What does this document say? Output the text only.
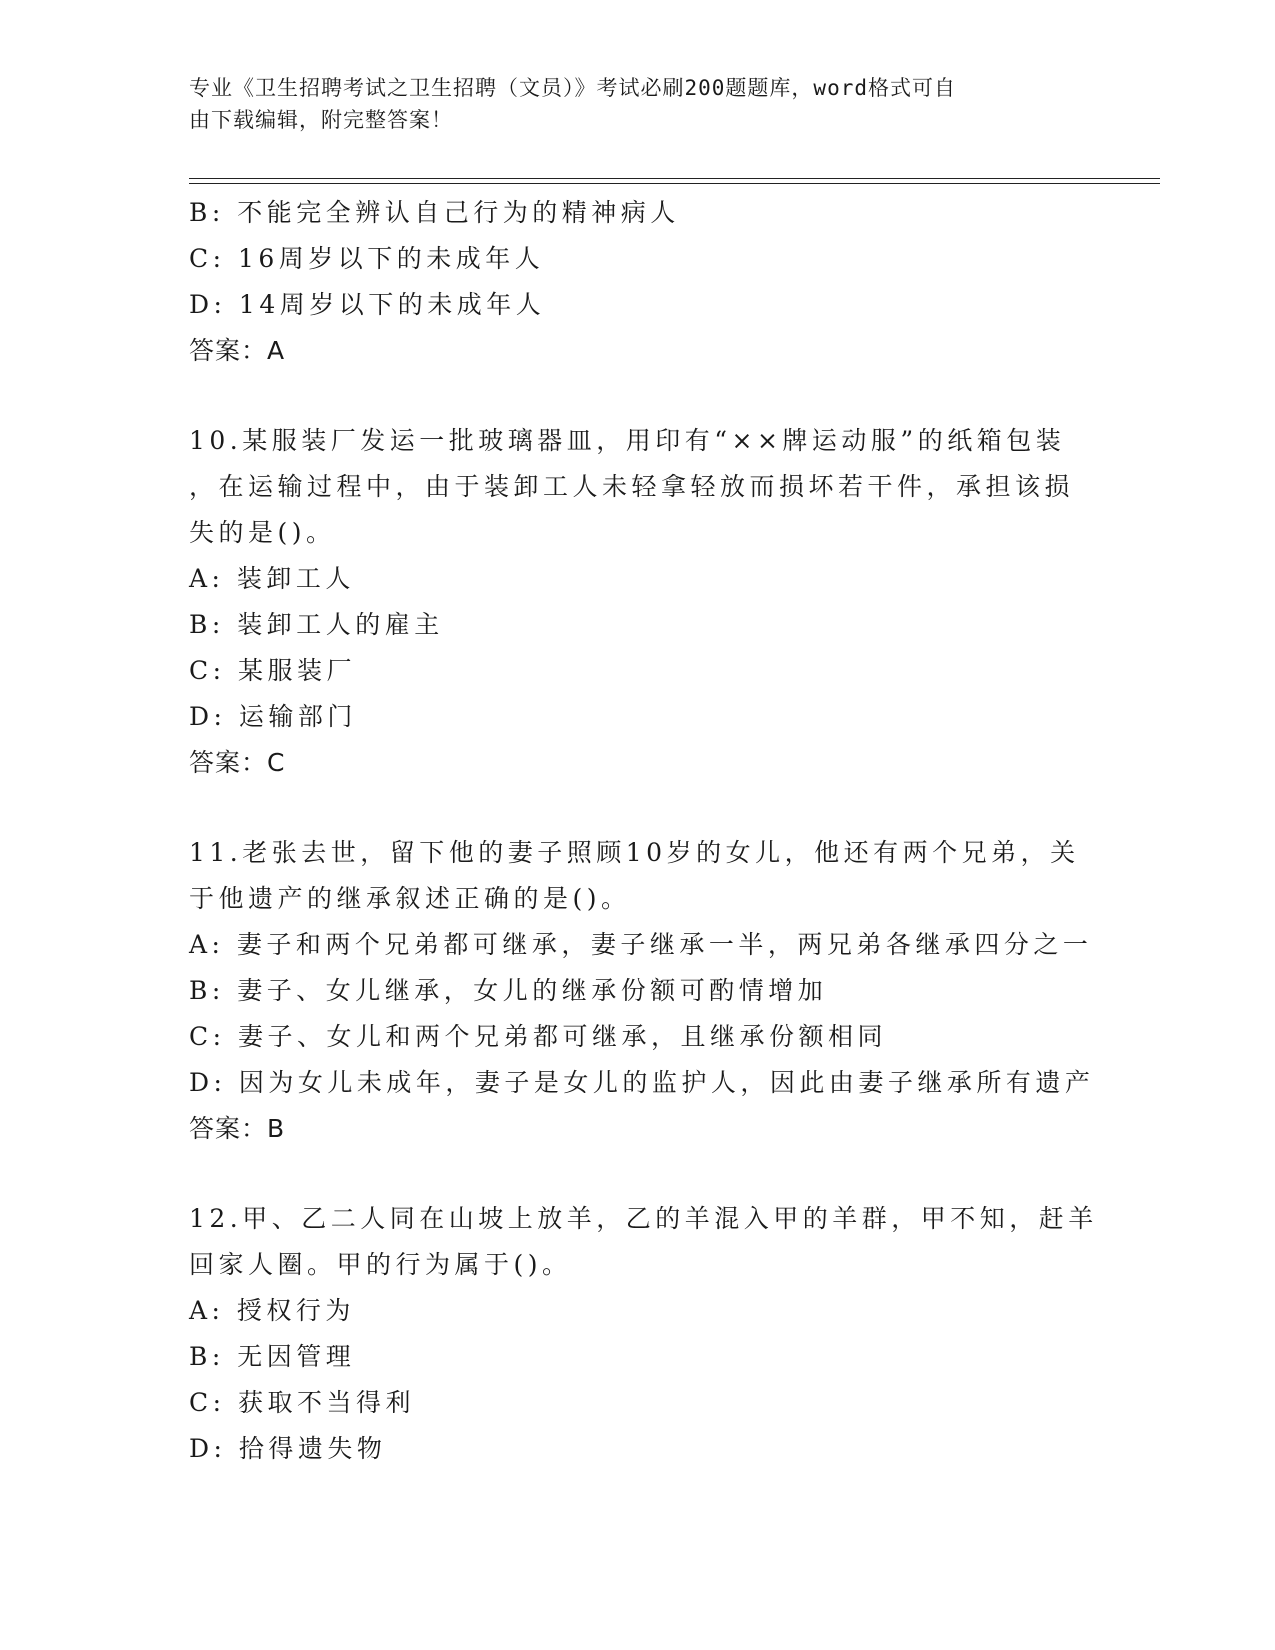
专业《卫生招聘考试之卫生招聘（文员）》考试必刷200题题库，word格式可自
由下载编辑，附完整答案！
B: 不能完全辨认自己行为的精神病人
C: 16周岁以下的未成年人
D: 14周岁以下的未成年人
答案：A
10.某服装厂发运一批玻璃器皿，用印有“××牌运动服”的纸箱包装
，在运输过程中，由于装卸工人未轻拿轻放而损坏若干件，承担该损
失的是()。
A: 装卸工人
B: 装卸工人的雇主
C: 某服装厂
D: 运输部门
答案：C
11.老张去世，留下他的妻子照顾10岁的女儿，他还有两个兄弟，关
于他遗产的继承叙述正确的是()。
A: 妻子和两个兄弟都可继承，妻子继承一半，两兄弟各继承四分之一
B: 妻子、女儿继承，女儿的继承份额可酌情增加
C: 妻子、女儿和两个兄弟都可继承，且继承份额相同
D: 因为女儿未成年，妻子是女儿的监护人，因此由妻子继承所有遗产
答案：B
12.甲、乙二人同在山坡上放羊，乙的羊混入甲的羊群，甲不知，赶羊
回家人圈。甲的行为属于()。
A: 授权行为
B: 无因管理
C: 获取不当得利
D: 拾得遗失物
